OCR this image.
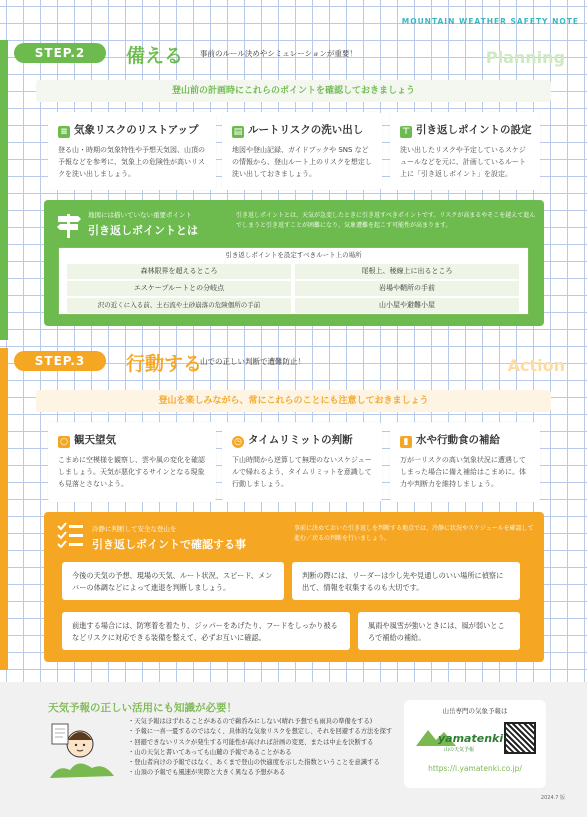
MOUNTAIN WEATHER SAFETY NOTE
STEP.2	備える 事前のルール決めやシミュレーションが重要！	Planning
登山前の計画時にこれらのポイントを確認しておきましょう
≡ 気象リスクのリストアップ
登る山・時期の気象特性や予想天気図、山頂の予報などを参考に、気象上の危険性が高いリスクを洗い出しましょう。
▤ ルートリスクの洗い出し
地図や登山記録、ガイドブックや SNS などの情報から、登山ルート上のリスクを想定し洗い出しておきましょう。
⊤ 引き返しポイントの設定
洗い出したリスクや予定しているスケジュールなどを元に、計画しているルート上に「引き返しポイント」を設定。
地図には描いていない重要ポイント
引き返しポイントとは
引き返しポイントとは、天気が急変したときに引き返すべきポイントです。リスクが高まるやそこを越えて進んでしまうと引き返すことが困難になり、気象遭難を起こす可能性が高まります。
引き返しポイントを設定すべきルート上の場所
森林限界を超えるところ	尾根上、稜線上に出るところ
エスケープルートとの分岐点	岩場や鞘所の手前
沢の近くに入る前、土石流や土砂崩落の危険個所の手前	山小屋や避難小屋
STEP.3	行動する
山での正しい判断で遭難防止！	Action
登山を楽しみながら、常にこれらのことにも注意しておきましょう
○ 観天望気
こまめに空模様を観察し、雲や風の変化を確認しましょう。天気が悪化するサインとなる現象も見落とさないよう。
◷ タイムリミットの判断
下山時間から逆算して無理のないスケジュールで帰れるよう、タイムリミットを意識して行動しましょう。
▮ 水や行動食の補給
万が一リスクの高い気象状況に遭遇してしまった場合に備え補給はこまめに。体力や判断力を維持しましょう。
冷静に判断して安全な登山を
引き返しポイントで確認する事
事前に決めておいた引き返しを判断する地点では、冷静に状況やスケジュールを確認して進む／戻るの判断を行いましょう。
今後の天気の予想、現場の天気、ルート状況、スピード、メンバーの体調などによって進退を判断しましょう。
判断の際には、リーダーは少し先や見通しのいい場所に偵察に出て、情報を収集するのも大切です。
前進する場合には、防寒着を着たり、ジッパーをあげたり、フードをしっかり被るなどリスクに対応できる装備を整えて、必ずお互いに確認。
風雨や風雪が強いときには、風が弱いところで補給の補給。
天気予報の正しい活用にも知識が必要！
・天気予報はほずれることがあるので鵜呑みにしない(晴れ予想でも雨具の準備をする)
・予報に一喜一憂するのではなく、具体的な気象リスクを想定し、それを回避する方法を探す
・回避できないリスクが発生する可能性が高ければ計画の変更、または中止を決断する
・山の天気と書いてあっても山麓の予報であることがある
・登山者向けの予報ではなく、あくまで登山の快適度を示した指数ということを意識する
・山頂の予報でも風速が実際と大きく異なる予想がある
山岳専門の気象予報は
yamatenki
山の天気予報
https://i.yamatenki.co.jp/
2024.7 版
